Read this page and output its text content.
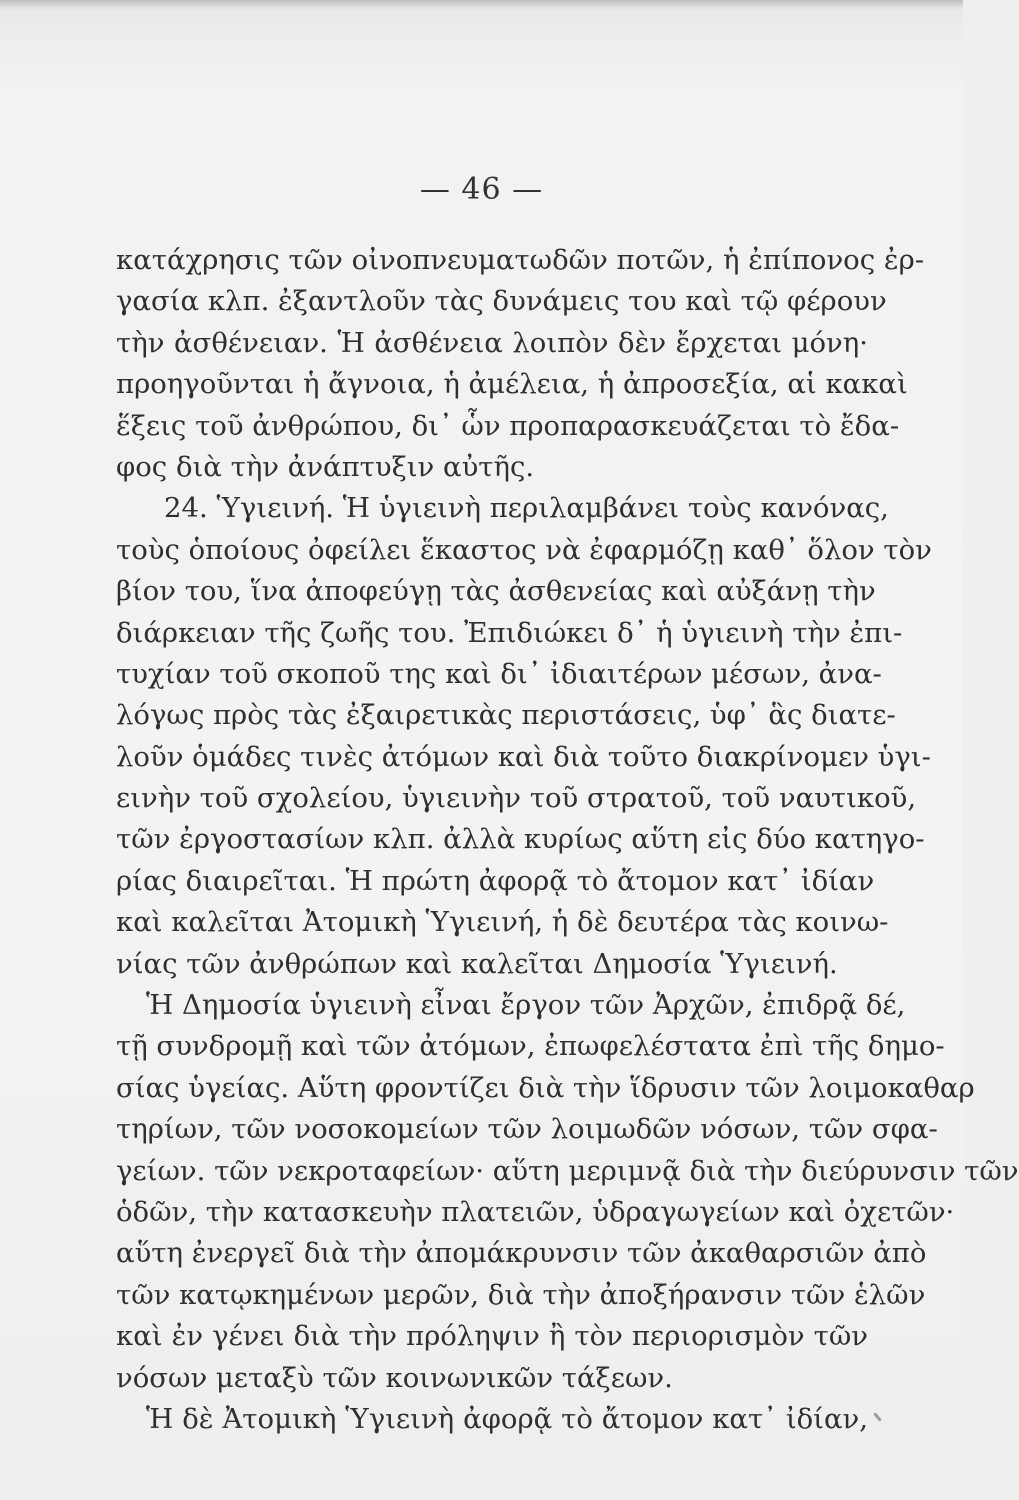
— 46 —
κατάχρησις τῶν οἰνοπνευματωδῶν ποτῶν, ἡ ἐπίπονος ἐρ-
γασία κλπ. ἐξαντλοῦν τὰς δυνάμεις του καὶ τῷ φέρουν
τὴν ἀσθένειαν. Ἡ ἀσθένεια λοιπὸν δὲν ἔρχεται μόνη·
προηγοῦνται ἡ ἄγνοια, ἡ ἀμέλεια, ἡ ἀπροσεξία, αἱ κακαὶ
ἕξεις τοῦ ἀνθρώπου, δι᾽ ὧν προπαρασκευάζεται τὸ ἔδα-
φος διὰ τὴν ἀνάπτυξιν αὐτῆς.
24. Ὑγιεινή. Ἡ ὑγιεινὴ περιλαμβάνει τοὺς κανόνας,
τοὺς ὁποίους ὀφείλει ἕκαστος νὰ ἐφαρμόζῃ καθ᾽ ὅλον τὸν
βίον του, ἵνα ἀποφεύγῃ τὰς ἀσθενείας καὶ αὐξάνῃ τὴν
διάρκειαν τῆς ζωῆς του. Ἐπιδιώκει δ᾽ ἡ ὑγιεινὴ τὴν ἐπι-
τυχίαν τοῦ σκοποῦ της καὶ δι᾽ ἰδιαιτέρων μέσων, ἀνα-
λόγως πρὸς τὰς ἐξαιρετικὰς περιστάσεις, ὑφ᾽ ἃς διατε-
λοῦν ὁμάδες τινὲς ἀτόμων καὶ διὰ τοῦτο διακρίνομεν ὑγι-
εινὴν τοῦ σχολείου, ὑγιεινὴν τοῦ στρατοῦ, τοῦ ναυτικοῦ,
τῶν ἐργοστασίων κλπ. ἀλλὰ κυρίως αὕτη εἰς δύο κατηγο-
ρίας διαιρεῖται. Ἡ πρώτη ἀφορᾷ τὸ ἄτομον κατ᾽ ἰδίαν
καὶ καλεῖται Ἀτομικὴ Ὑγιεινή, ἡ δὲ δευτέρα τὰς κοινω-
νίας τῶν ἀνθρώπων καὶ καλεῖται Δημοσία Ὑγιεινή.
Ἡ Δημοσία ὑγιεινὴ εἶναι ἔργον τῶν Ἀρχῶν, ἐπιδρᾷ δέ,
τῇ συνδρομῇ καὶ τῶν ἀτόμων, ἐπωφελέστατα ἐπὶ τῆς δημο-
σίας ὑγείας. Αὕτη φροντίζει διὰ τὴν ἵδρυσιν τῶν λοιμοκαθαρ
τηρίων, τῶν νοσοκομείων τῶν λοιμωδῶν νόσων, τῶν σφα-
γείων. τῶν νεκροταφείων· αὕτη μεριμνᾷ διὰ τὴν διεύρυνσιν τῶν
ὁδῶν, τὴν κατασκευὴν πλατειῶν, ὑδραγωγείων καὶ ὀχετῶν·
αὕτη ἐνεργεῖ διὰ τὴν ἀπομάκρυνσιν τῶν ἀκαθαρσιῶν ἀπὸ
τῶν κατῳκημένων μερῶν, διὰ τὴν ἀποξήρανσιν τῶν ἑλῶν
καὶ ἐν γένει διὰ τὴν πρόληψιν ἢ τὸν περιορισμὸν τῶν
νόσων μεταξὺ τῶν κοινωνικῶν τάξεων.
Ἡ δὲ Ἀτομικὴ Ὑγιεινὴ ἀφορᾷ τὸ ἄτομον κατ᾽ ἰδίαν,
